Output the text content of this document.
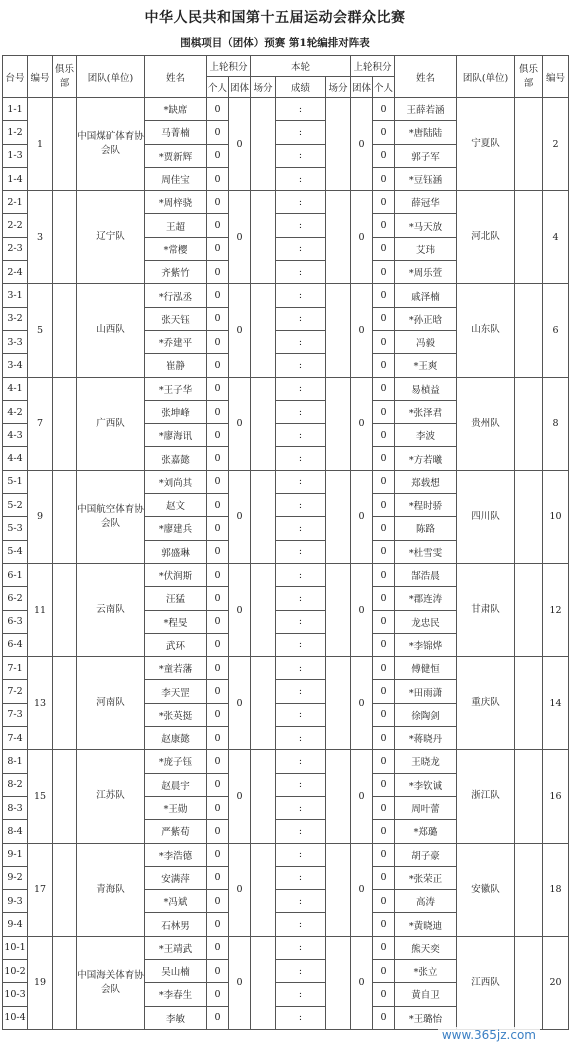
中华人民共和国第十五届运动会群众比赛
围棋项目（团体）预赛 第1轮编排对阵表
台号	编号	俱乐部	团队(单位)	姓名	上轮积分		本轮			上轮积分		姓名	团队(单位)	俱乐部	编号
					个人	团体	场分	成绩	场分	团体	个人				
1-1	1		中国煤矿体育协会队	*缺席	0	0		:		0	0	王薛若涵	宁夏队		2
1-2				马菁楠	0			:			0	*唐陆陆			
1-3				*贾新辉	0			:			0	郭子军			
1-4				周佳宝	0			:			0	*豆钰涵			
2-1	3		辽宁队	*周梓骁	0	0		:		0	0	薛冠华	河北队		4
2-2				王超	0			:			0	*马天放			
2-3				*常樱	0			:			0	艾玮			
2-4				齐紫竹	0			:			0	*周乐萱			
3-1	5		山西队	*行泓丞	0	0		:		0	0	戚泽楠	山东队		6
3-2				张天钰	0			:			0	*孙正晗			
3-3				*乔建平	0			:			0	冯毅			
3-4				崔静	0			:			0	*王爽			
4-1	7		广西队	*王子华	0	0		:		0	0	易楨益	贵州队		8
4-2				张坤峰	0			:			0	*张泽君			
4-3				*廖海讯	0			:			0	李波			
4-4				张嘉懿	0			:			0	*方若曦			
5-1	9		中国航空体育协会队	*刘尚其	0	0		:		0	0	郑载想	四川队		10
5-2				赵文	0			:			0	*程时骄			
5-3				*廖建兵	0			:			0	陈路			
5-4				郭盛琳	0			:			0	*杜雪雯			
6-1	11		云南队	*伏润斯	0	0		:		0	0	郜浩晨	甘肃队		12
6-2				汪猛	0			:			0	*郡连涛			
6-3				*程旻	0			:			0	龙忠民			
6-4				武环	0			:			0	*李锦烨			
7-1	13		河南队	*童若藩	0	0		:		0	0	傅健恒	重庆队		14
7-2				李天罡	0			:			0	*田雨潇			
7-3				*张英挺	0			:			0	徐陶剑			
7-4				赵康懿	0			:			0	*蒋晓丹			
8-1	15		江苏队	*庞子钰	0	0		:		0	0	王晓龙	浙江队		16
8-2				赵晨宇	0			:			0	*李钦诚			
8-3				*王勋	0			:			0	周叶蕾			
8-4				严紫荀	0			:			0	*郑璐			
9-1	17		青海队	*李浩德	0	0		:		0	0	胡子豪	安徽队		18
9-2				安满萍	0			:			0	*张荣正			
9-3				*冯斌	0			:			0	高涛			
9-4				石林男	0			:			0	*黄晓迪			
10-1	19		中国海关体育协会队	*王靖武	0	0		:		0	0	熊天奕	江西队		20
10-2				吴山楠	0			:			0	*张立			
10-3				*李春生	0			:			0	黄自卫			
10-4				李敏	0			:			0	*王璐怡			
www.365jz.com
